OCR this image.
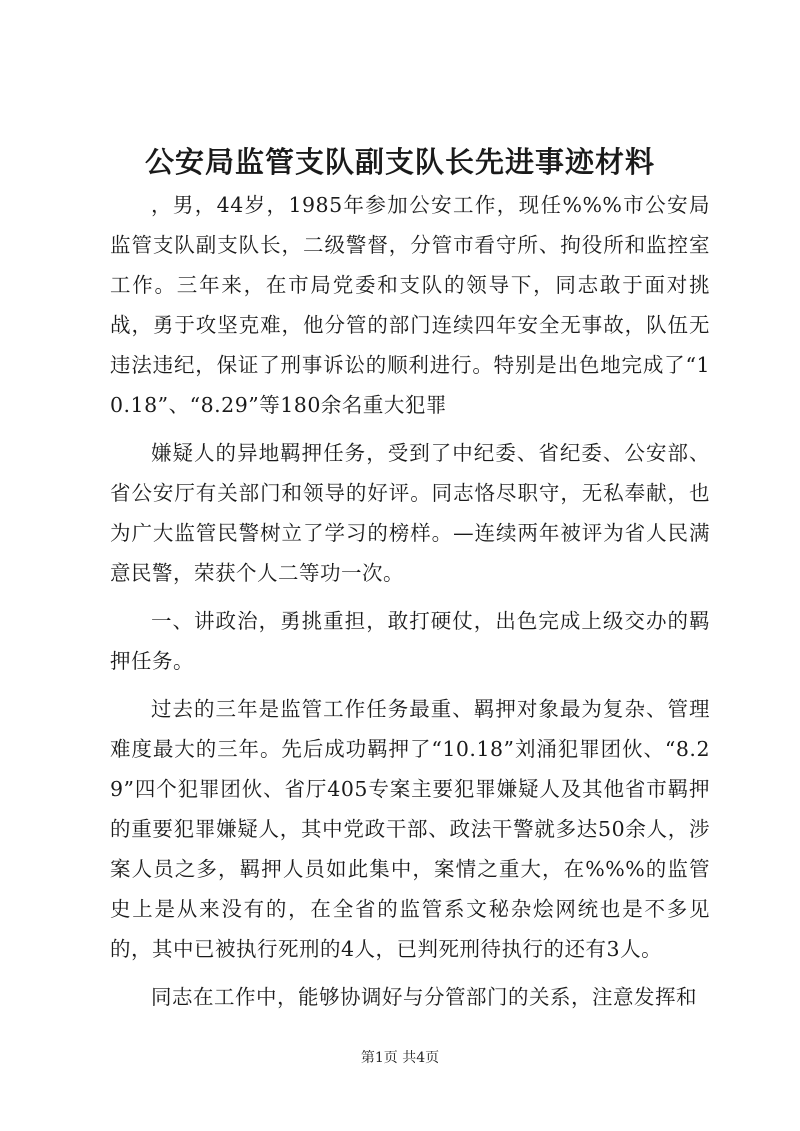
公安局监管支队副支队长先进事迹材料

，男，44岁，1985年参加公安工作，现任%%%市公安局监管支队副支队长，二级警督，分管市看守所、拘役所和监控室工作。三年来，在市局党委和支队的领导下，同志敢于面对挑战，勇于攻坚克难，他分管的部门连续四年安全无事故，队伍无违法违纪，保证了刑事诉讼的顺利进行。特别是出色地完成了“10.18”、“8.29”等180余名重大犯罪

嫌疑人的异地羁押任务，受到了中纪委、省纪委、公安部、省公安厅有关部门和领导的好评。同志恪尽职守，无私奉献，也为广大监管民警树立了学习的榜样。—连续两年被评为省人民满意民警，荣获个人二等功一次。

一、讲政治，勇挑重担，敢打硬仗，出色完成上级交办的羁押任务。

过去的三年是监管工作任务最重、羁押对象最为复杂、管理难度最大的三年。先后成功羁押了“10.18”刘涌犯罪团伙、“8.29”四个犯罪团伙、省厅405专案主要犯罪嫌疑人及其他省市羁押的重要犯罪嫌疑人，其中党政干部、政法干警就多达50余人，涉案人员之多，羁押人员如此集中，案情之重大，在%%%的监管史上是从来没有的，在全省的监管系文秘杂烩网统也是不多见的，其中已被执行死刑的4人，已判死刑待执行的还有3人。

同志在工作中，能够协调好与分管部门的关系，注意发挥和

第1页 共4页
